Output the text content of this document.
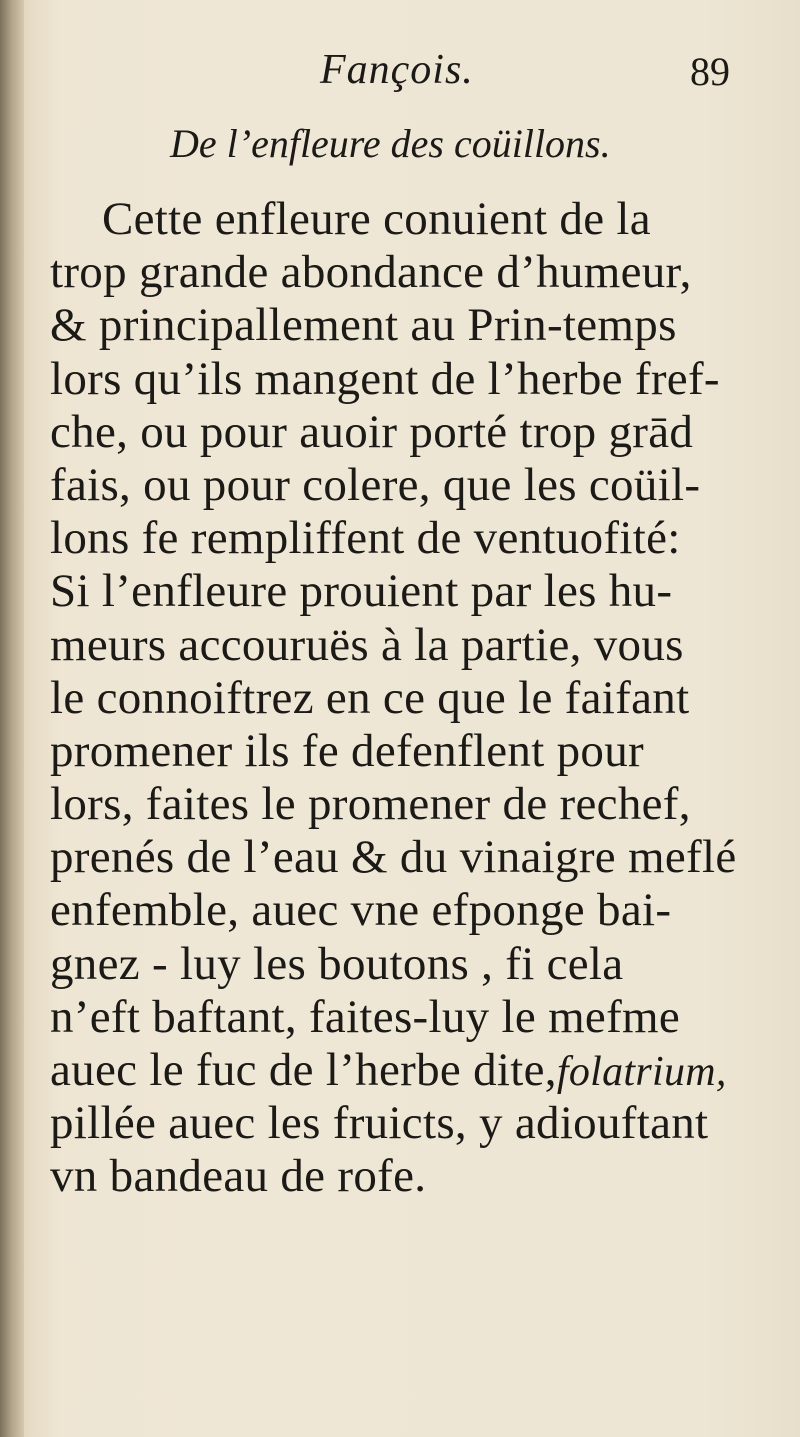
Fançois.	89
De l’enfleure des coüillons.
Cette enfleure conuient de la
trop grande abondance d’humeur,
& principallement au Prin-temps
lors qu’ils mangent de l’herbe fref-
che, ou pour auoir porté trop grād
fais, ou pour colere, que les coüil-
lons fe rempliffent de ventuofité:
Si l’enfleure prouient par les hu-
meurs accouruës à la partie, vous
le connoiftrez en ce que le faifant
promener ils fe defenflent pour
lors, faites le promener de rechef,
prenés de l’eau & du vinaigre meflé
enfemble, auec vne efponge bai-
gnez - luy les boutons , fi cela
n’eft baftant, faites-luy le mefme
auec le fuc de l’herbe dite,folatrium,
pillée auec les fruicts, y adiouftant
vn bandeau de rofe.
